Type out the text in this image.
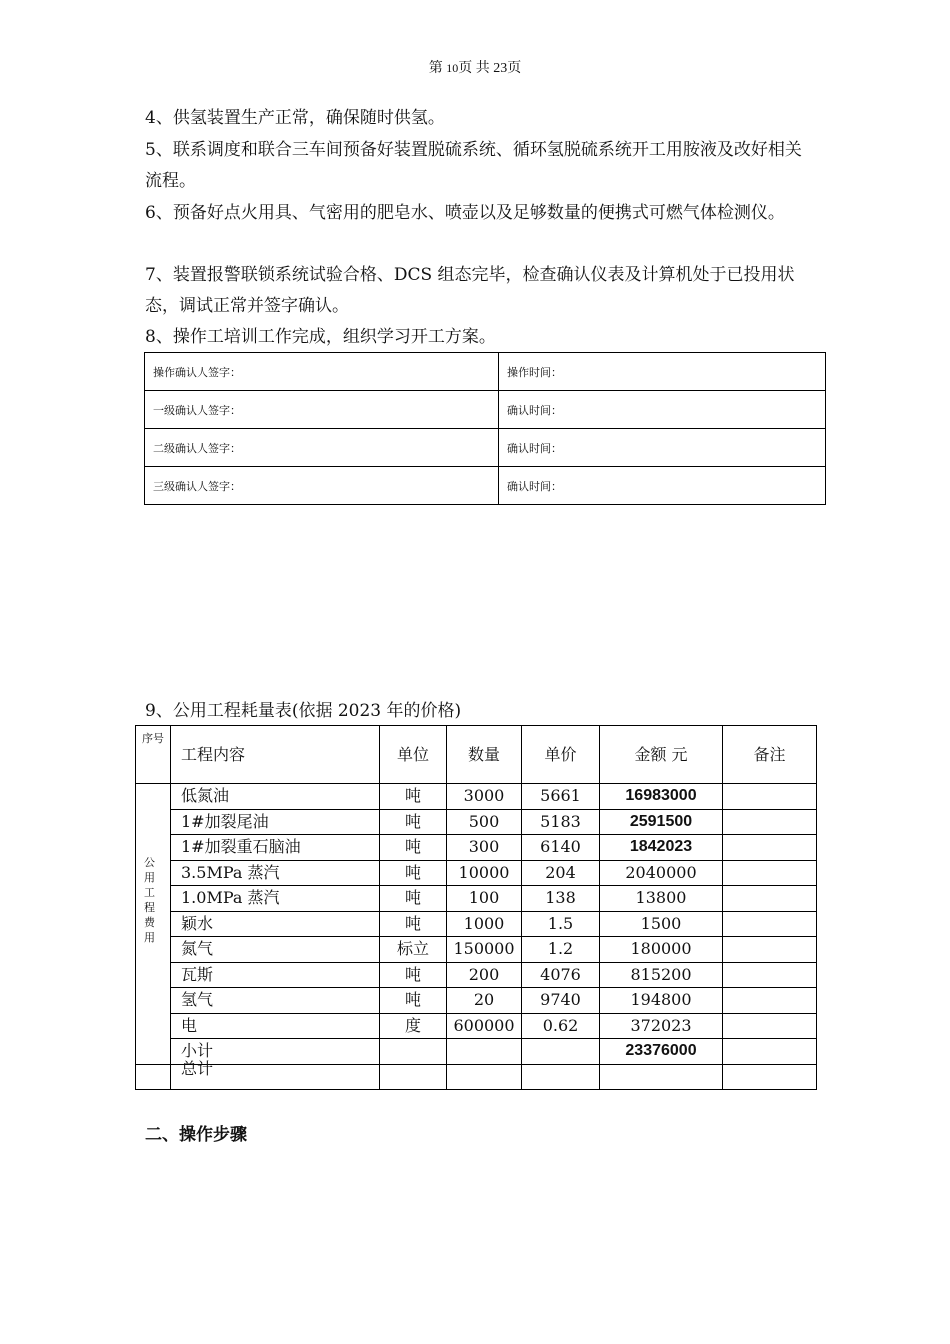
第 10页 共 23页

4、供氢装置生产正常，确保随时供氢。

5、联系调度和联合三车间预备好装置脱硫系统、循环氢脱硫系统开工用胺液及改好相关流程。

6、预备好点火用具、气密用的肥皂水、喷壶以及足够数量的便携式可燃气体检测仪。

7、装置报警联锁系统试验合格、DCS 组态完毕，检查确认仪表及计算机处于已投用状态，调试正常并签字确认。

8、操作工培训工作完成，组织学习开工方案。

操作确认人签字：	操作时间：
一级确认人签字：	确认时间：
二级确认人签字：	确认时间：
三级确认人签字：	确认时间：

9、公用工程耗量表(依据 2023 年的价格)

序号	工程内容	单位	数量	单价	金额 元	备注
公用工程费用	低氮油	吨	3000	5661	16983000	
	1#加裂尾油	吨	500	5183	2591500	
	1#加裂重石脑油	吨	300	6140	1842023	
	3.5MPa 蒸汽	吨	10000	204	2040000	
	1.0MPa 蒸汽	吨	100	138	13800	
	颖水	吨	1000	1.5	1500	
	氮气	标立	150000	1.2	180000	
	瓦斯	吨	200	4076	815200	
	氢气	吨	20	9740	194800	
	电	度	600000	0.62	372023	
	小计				23376000	
	总计					
二、操作步骤
